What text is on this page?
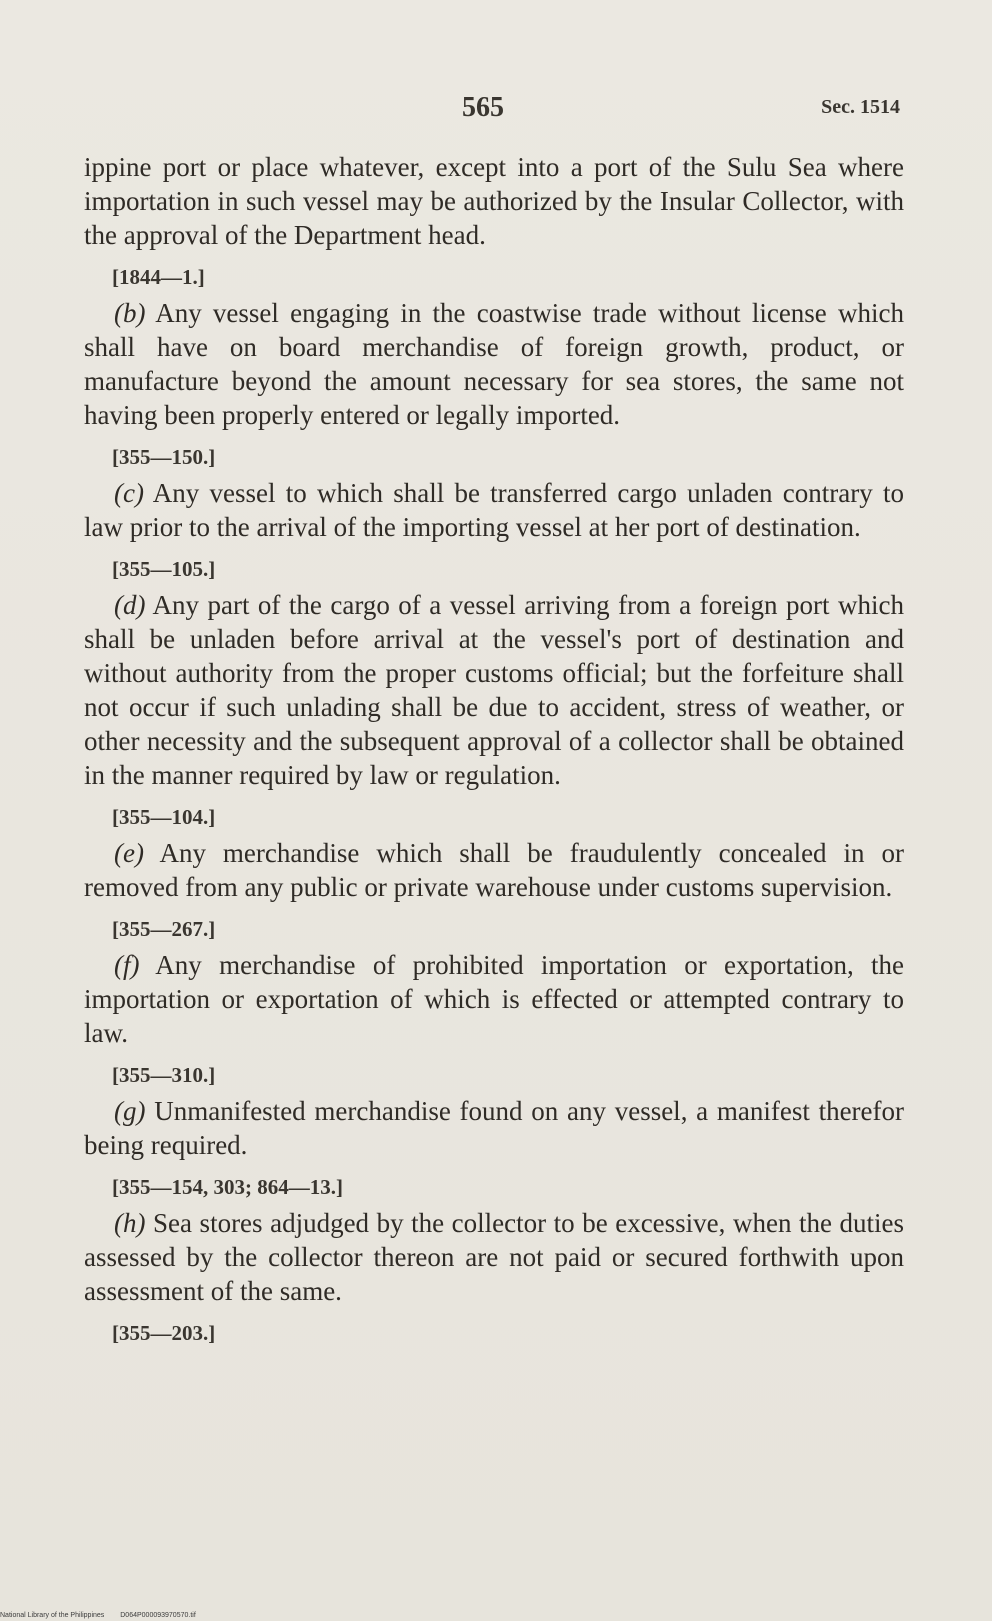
565	Sec. 1514

ippine port or place whatever, except into a port of the Sulu Sea where importation in such vessel may be authorized by the Insular Collector, with the approval of the Department head.

[1844—1.]

(b) Any vessel engaging in the coastwise trade without license which shall have on board merchandise of foreign growth, product, or manufacture beyond the amount necessary for sea stores, the same not having been properly entered or legally imported.

[355—150.]

(c) Any vessel to which shall be transferred cargo unladen contrary to law prior to the arrival of the importing vessel at her port of destination.

[355—105.]

(d) Any part of the cargo of a vessel arriving from a foreign port which shall be unladen before arrival at the vessel's port of destination and without authority from the proper customs official; but the forfeiture shall not occur if such unlading shall be due to accident, stress of weather, or other necessity and the subsequent approval of a collector shall be obtained in the manner required by law or regulation.

[355—104.]

(e) Any merchandise which shall be fraudulently concealed in or removed from any public or private warehouse under customs supervision.

[355—267.]

(f) Any merchandise of prohibited importation or exportation, the importation or exportation of which is effected or attempted contrary to law.

[355—310.]

(g) Unmanifested merchandise found on any vessel, a manifest therefor being required.

[355—154, 303; 864—13.]

(h) Sea stores adjudged by the collector to be excessive, when the duties assessed by the collector thereon are not paid or secured forthwith upon assessment of the same.

[355—203.]
National Library of the Philippines D064P000093970570.tif
